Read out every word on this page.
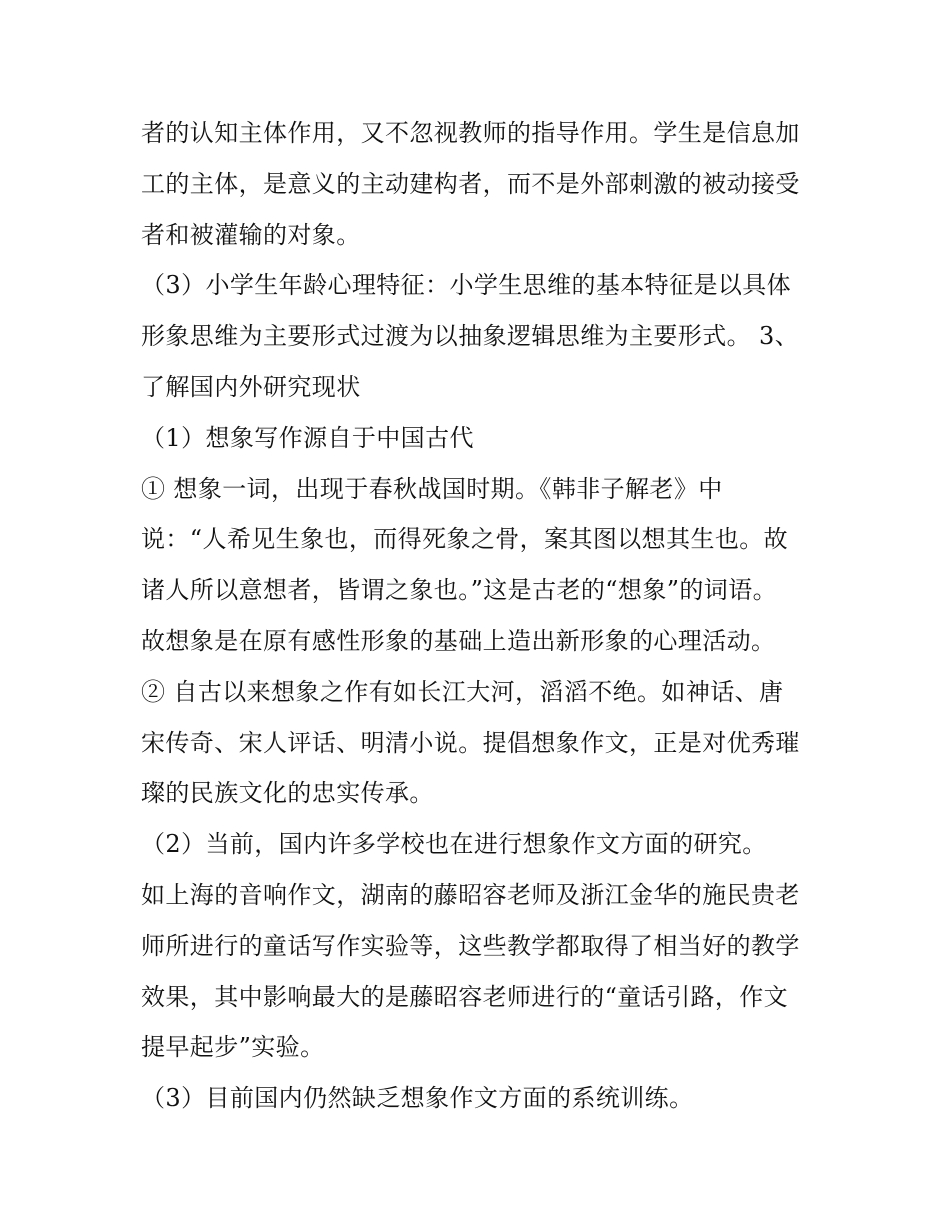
者的认知主体作用，又不忽视教师的指导作用。学生是信息加
工的主体，是意义的主动建构者，而不是外部刺激的被动接受
者和被灌输的对象。
（3）小学生年龄心理特征：小学生思维的基本特征是以具体
形象思维为主要形式过渡为以抽象逻辑思维为主要形式。 3、
了解国内外研究现状
（1）想象写作源自于中国古代
① 想象一词，出现于春秋战国时期。《韩非子解老》中
说：“人希见生象也，而得死象之骨，案其图以想其生也。故
诸人所以意想者，皆谓之象也。”这是古老的“想象”的词语。
故想象是在原有感性形象的基础上造出新形象的心理活动。
② 自古以来想象之作有如长江大河，滔滔不绝。如神话、唐
宋传奇、宋人评话、明清小说。提倡想象作文，正是对优秀璀
璨的民族文化的忠实传承。
（2）当前，国内许多学校也在进行想象作文方面的研究。
如上海的音响作文，湖南的藤昭容老师及浙江金华的施民贵老
师所进行的童话写作实验等，这些教学都取得了相当好的教学
效果，其中影响最大的是藤昭容老师进行的“童话引路，作文
提早起步”实验。
（3）目前国内仍然缺乏想象作文方面的系统训练。
